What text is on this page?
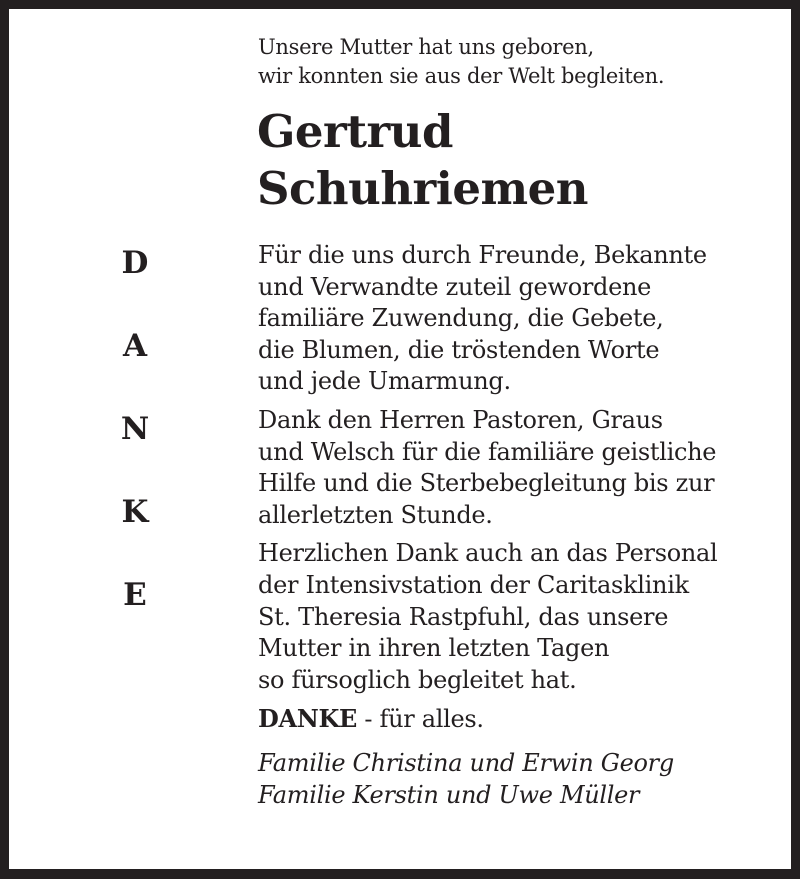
Unsere Mutter hat uns geboren,
wir konnten sie aus der Welt begleiten.
Gertrud
Schuhriemen
D
A
N
K
E
Für die uns durch Freunde, Bekannte
und Verwandte zuteil gewordene
familiäre Zuwendung, die Gebete,
die Blumen, die tröstenden Worte
und jede Umarmung.
Dank den Herren Pastoren, Graus
und Welsch für die familiäre geistliche
Hilfe und die Sterbebegleitung bis zur
allerletzten Stunde.
Herzlichen Dank auch an das Personal
der Intensivstation der Caritasklinik
St. Theresia Rastpfuhl, das unsere
Mutter in ihren letzten Tagen
so fürsoglich begleitet hat.
DANKE - für alles.
Familie Christina und Erwin Georg
Familie Kerstin und Uwe Müller
